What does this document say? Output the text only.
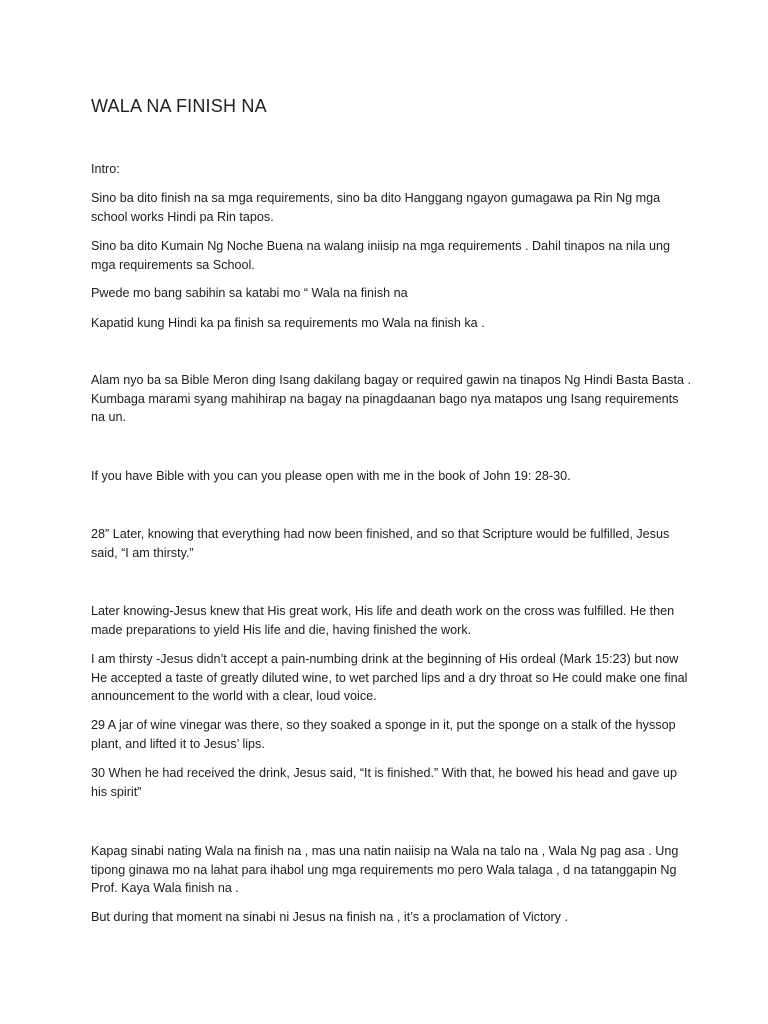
WALA NA FINISH NA

Intro:

Sino ba dito finish na sa mga requirements, sino ba dito Hanggang ngayon gumagawa pa Rin Ng mga school works Hindi pa Rin tapos.

Sino ba dito Kumain Ng Noche Buena na walang iniisip na mga requirements . Dahil tinapos na nila ung mga requirements sa School.

Pwede mo bang sabihin sa katabi mo “ Wala na finish na

Kapatid kung Hindi ka pa finish sa requirements mo Wala na finish ka .

Alam nyo ba sa Bible Meron ding Isang dakilang bagay or required gawin na tinapos Ng Hindi Basta Basta . Kumbaga marami syang mahihirap na bagay na pinagdaanan bago nya matapos ung Isang requirements na un.

If you have Bible with you can you please open with me in the book of John 19: 28-30.

28” Later, knowing that everything had now been finished, and so that Scripture would be fulfilled, Jesus said, “I am thirsty.”

Later knowing-Jesus knew that His great work, His life and death work on the cross was fulfilled. He then made preparations to yield His life and die, having finished the work.

I am thirsty -Jesus didn’t accept a pain-numbing drink at the beginning of His ordeal (Mark 15:23) but now He accepted a taste of greatly diluted wine, to wet parched lips and a dry throat so He could make one final announcement to the world with a clear, loud voice.

29 A jar of wine vinegar was there, so they soaked a sponge in it, put the sponge on a stalk of the hyssop plant, and lifted it to Jesus’ lips.

30 When he had received the drink, Jesus said, “It is finished.” With that, he bowed his head and gave up his spirit”

Kapag sinabi nating Wala na finish na , mas una natin naiisip na Wala na talo na , Wala Ng pag asa . Ung tipong ginawa mo na lahat para ihabol ung mga requirements mo pero Wala talaga , d na tatanggapin Ng Prof. Kaya Wala finish na .

But during that moment na sinabi ni Jesus na finish na , it’s a proclamation of Victory .
